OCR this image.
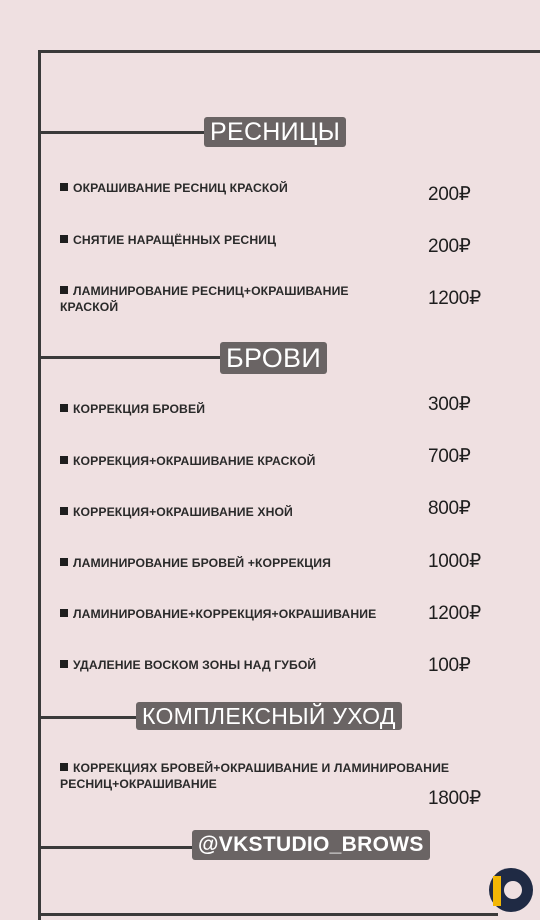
РЕСНИЦЫ
БРОВИ
КОМПЛЕКСНЫЙ УХОД
@VKSTUDIO_BROWS
ОКРАШИВАНИЕ РЕСНИЦ КРАСКОЙ	200₽
СНЯТИЕ НАРАЩЁННЫХ РЕСНИЦ	200₽
ЛАМИНИРОВАНИЕ РЕСНИЦ+ОКРАШИВАНИЕ КРАСКОЙ	1200₽
КОРРЕКЦИЯ БРОВЕЙ	300₽
КОРРЕКЦИЯ+ОКРАШИВАНИЕ КРАСКОЙ	700₽
КОРРЕКЦИЯ+ОКРАШИВАНИЕ ХНОЙ	800₽
ЛАМИНИРОВАНИЕ БРОВЕЙ +КОРРЕКЦИЯ	1000₽
ЛАМИНИРОВАНИЕ+КОРРЕКЦИЯ+ОКРАШИВАНИЕ	1200₽
УДАЛЕНИЕ ВОСКОМ ЗОНЫ НАД ГУБОЙ	100₽
КОРРЕКЦИЯХ БРОВЕЙ+ОКРАШИВАНИЕ И ЛАМИНИРОВАНИЕ РЕСНИЦ+ОКРАШИВАНИЕ
1800₽
